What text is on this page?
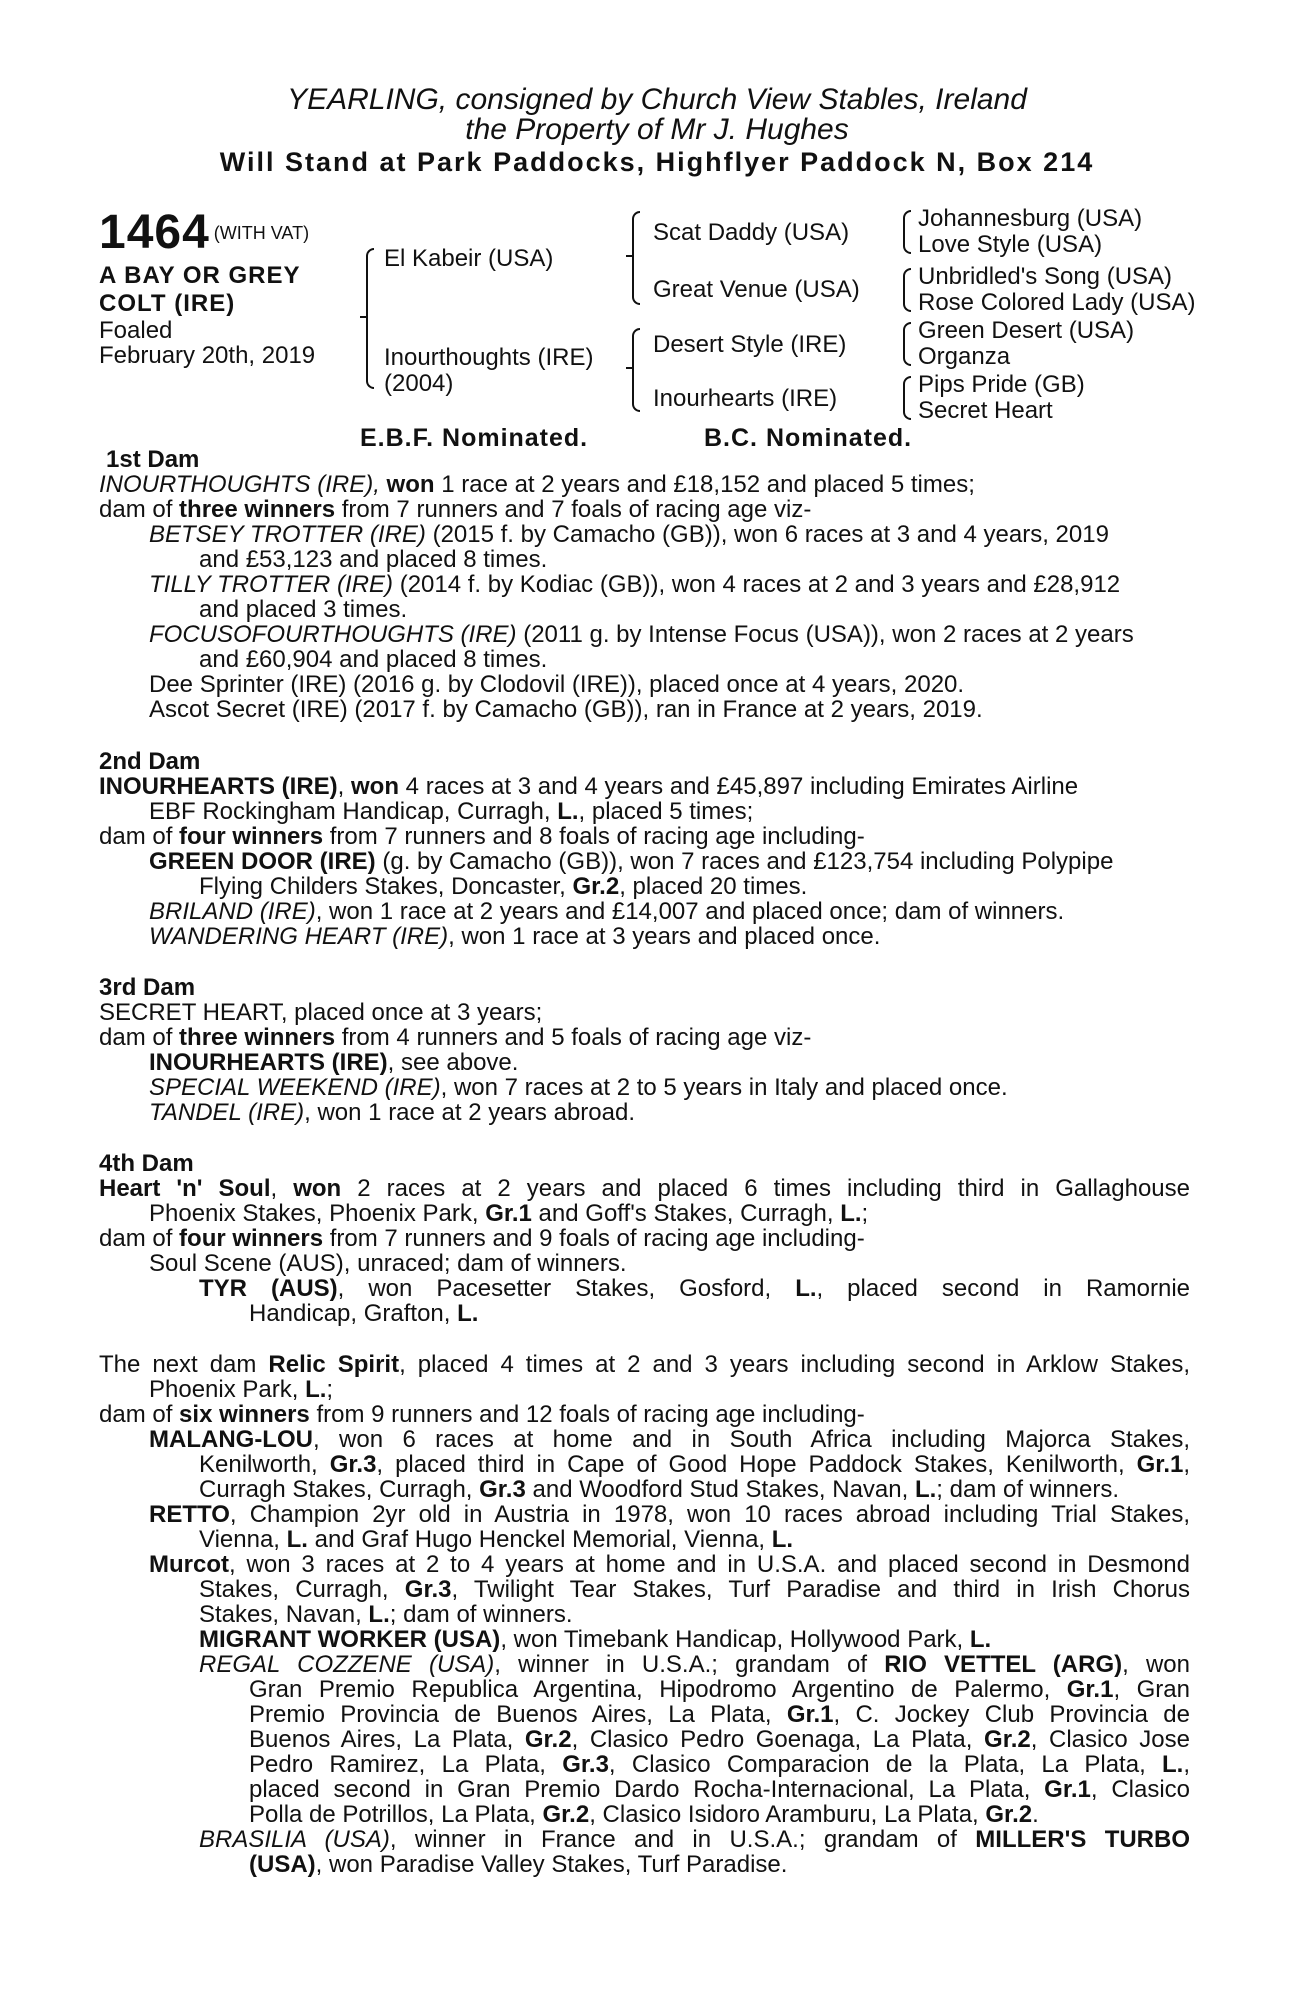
YEARLING, consigned by Church View Stables, Ireland
the Property of Mr J. Hughes
Will Stand at Park Paddocks, Highflyer Paddock N, Box 214
1464 (WITH VAT)
A BAY OR GREY
COLT (IRE)
Foaled
February 20th, 2019
El Kabeir (USA)
Inourthoughts (IRE)
(2004)
Scat Daddy (USA)
Great Venue (USA)
Desert Style (IRE)
Inourhearts (IRE)
Johannesburg (USA)
Love Style (USA)
Unbridled's Song (USA)
Rose Colored Lady (USA)
Green Desert (USA)
Organza
Pips Pride (GB)
Secret Heart
E.B.F. Nominated.	B.C. Nominated.
1st Dam
INOURTHOUGHTS (IRE), won 1 race at 2 years and £18,152 and placed 5 times;
dam of three winners from 7 runners and 7 foals of racing age viz-
BETSEY TROTTER (IRE) (2015 f. by Camacho (GB)), won 6 races at 3 and 4 years, 2019
and £53,123 and placed 8 times.
TILLY TROTTER (IRE) (2014 f. by Kodiac (GB)), won 4 races at 2 and 3 years and £28,912
and placed 3 times.
FOCUSOFOURTHOUGHTS (IRE) (2011 g. by Intense Focus (USA)), won 2 races at 2 years
and £60,904 and placed 8 times.
Dee Sprinter (IRE) (2016 g. by Clodovil (IRE)), placed once at 4 years, 2020.
Ascot Secret (IRE) (2017 f. by Camacho (GB)), ran in France at 2 years, 2019.
2nd Dam
INOURHEARTS (IRE), won 4 races at 3 and 4 years and £45,897 including Emirates Airline
EBF Rockingham Handicap, Curragh, L., placed 5 times;
dam of four winners from 7 runners and 8 foals of racing age including-
GREEN DOOR (IRE) (g. by Camacho (GB)), won 7 races and £123,754 including Polypipe
Flying Childers Stakes, Doncaster, Gr.2, placed 20 times.
BRILAND (IRE), won 1 race at 2 years and £14,007 and placed once; dam of winners.
WANDERING HEART (IRE), won 1 race at 3 years and placed once.
3rd Dam
SECRET HEART, placed once at 3 years;
dam of three winners from 4 runners and 5 foals of racing age viz-
INOURHEARTS (IRE), see above.
SPECIAL WEEKEND (IRE), won 7 races at 2 to 5 years in Italy and placed once.
TANDEL (IRE), won 1 race at 2 years abroad.
4th Dam
Heart 'n' Soul, won 2 races at 2 years and placed 6 times including third in Gallaghouse
Phoenix Stakes, Phoenix Park, Gr.1 and Goff's Stakes, Curragh, L.;
dam of four winners from 7 runners and 9 foals of racing age including-
Soul Scene (AUS), unraced; dam of winners.
TYR (AUS), won Pacesetter Stakes, Gosford, L., placed second in Ramornie
Handicap, Grafton, L.
The next dam Relic Spirit, placed 4 times at 2 and 3 years including second in Arklow Stakes,
Phoenix Park, L.;
dam of six winners from 9 runners and 12 foals of racing age including-
MALANG-LOU, won 6 races at home and in South Africa including Majorca Stakes,
Kenilworth, Gr.3, placed third in Cape of Good Hope Paddock Stakes, Kenilworth, Gr.1,
Curragh Stakes, Curragh, Gr.3 and Woodford Stud Stakes, Navan, L.; dam of winners.
RETTO, Champion 2yr old in Austria in 1978, won 10 races abroad including Trial Stakes,
Vienna, L. and Graf Hugo Henckel Memorial, Vienna, L.
Murcot, won 3 races at 2 to 4 years at home and in U.S.A. and placed second in Desmond
Stakes, Curragh, Gr.3, Twilight Tear Stakes, Turf Paradise and third in Irish Chorus
Stakes, Navan, L.; dam of winners.
MIGRANT WORKER (USA), won Timebank Handicap, Hollywood Park, L.
REGAL COZZENE (USA), winner in U.S.A.; grandam of RIO VETTEL (ARG), won
Gran Premio Republica Argentina, Hipodromo Argentino de Palermo, Gr.1, Gran
Premio Provincia de Buenos Aires, La Plata, Gr.1, C. Jockey Club Provincia de
Buenos Aires, La Plata, Gr.2, Clasico Pedro Goenaga, La Plata, Gr.2, Clasico Jose
Pedro Ramirez, La Plata, Gr.3, Clasico Comparacion de la Plata, La Plata, L.,
placed second in Gran Premio Dardo Rocha-Internacional, La Plata, Gr.1, Clasico
Polla de Potrillos, La Plata, Gr.2, Clasico Isidoro Aramburu, La Plata, Gr.2.
BRASILIA (USA), winner in France and in U.S.A.; grandam of MILLER'S TURBO
(USA), won Paradise Valley Stakes, Turf Paradise.
